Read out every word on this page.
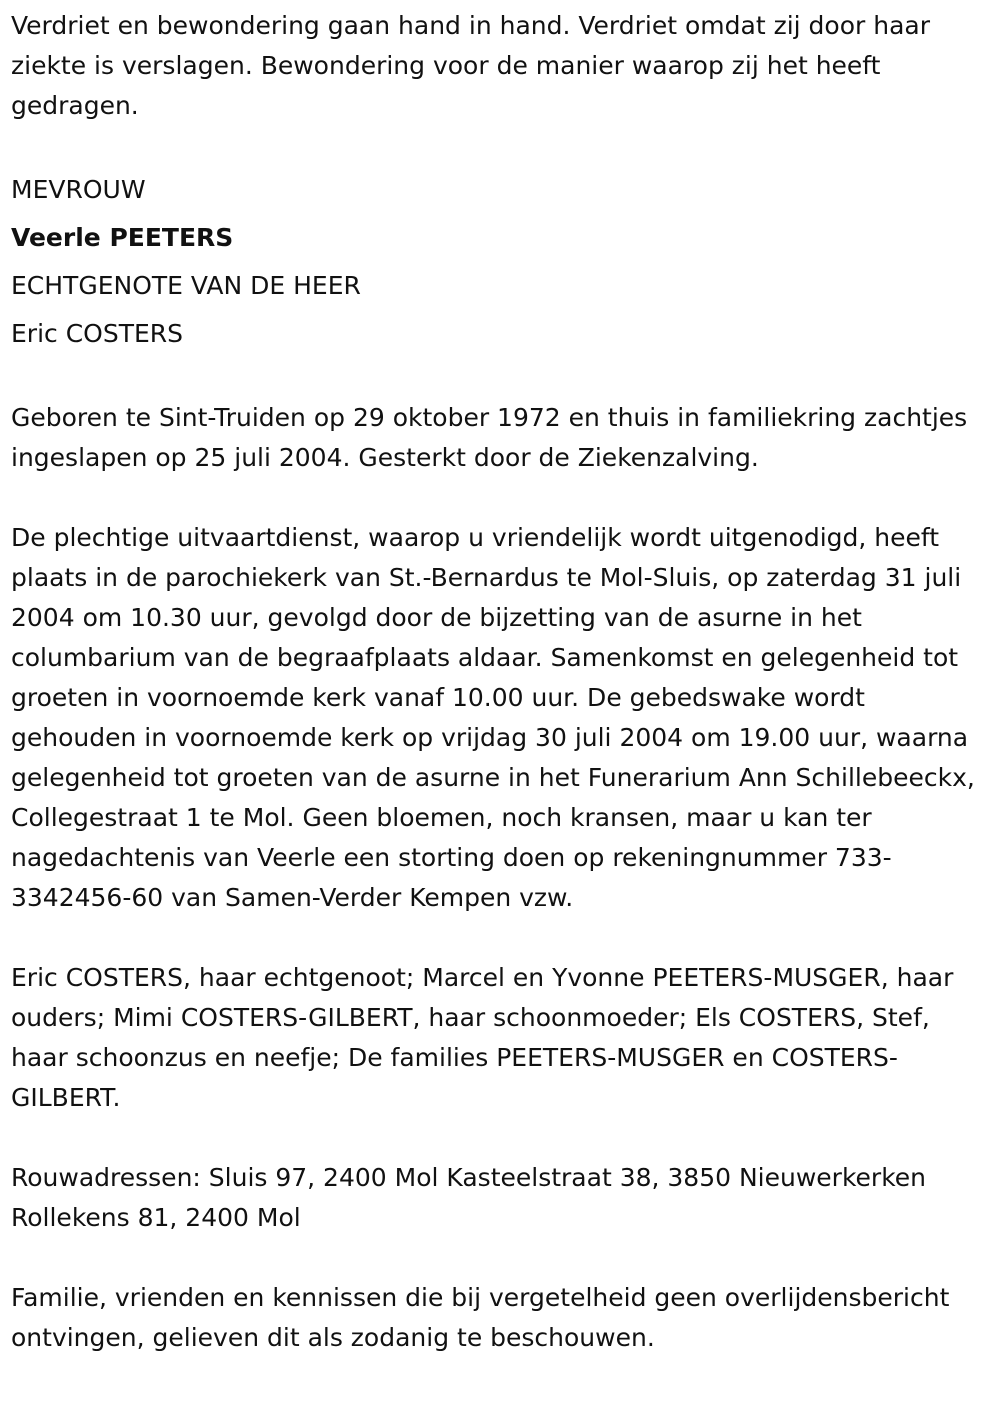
Verdriet en bewondering gaan hand in hand. Verdriet omdat zij door haar ziekte is verslagen. Bewondering voor de manier waarop zij het heeft gedragen.

MEVROUW

Veerle PEETERS

ECHTGENOTE VAN DE HEER

Eric COSTERS

Geboren te Sint-Truiden op 29 oktober 1972 en thuis in familiekring zachtjes ingeslapen op 25 juli 2004. Gesterkt door de Ziekenzalving.

De plechtige uitvaartdienst, waarop u vriendelijk wordt uitgenodigd, heeft plaats in de parochiekerk van St.-Bernardus te Mol-Sluis, op zaterdag 31 juli 2004 om 10.30 uur, gevolgd door de bijzetting van de asurne in het columbarium van de begraafplaats aldaar. Samenkomst en gelegenheid tot groeten in voornoemde kerk vanaf 10.00 uur. De gebedswake wordt gehouden in voornoemde kerk op vrijdag 30 juli 2004 om 19.00 uur, waarna gelegenheid tot groeten van de asurne in het Funerarium Ann Schillebeeckx, Collegestraat 1 te Mol. Geen bloemen, noch kransen, maar u kan ter nagedachtenis van Veerle een storting doen op rekeningnummer 733-3342456-60 van Samen-Verder Kempen vzw.

Eric COSTERS, haar echtgenoot; Marcel en Yvonne PEETERS-MUSGER, haar ouders; Mimi COSTERS-GILBERT, haar schoonmoeder; Els COSTERS, Stef, haar schoonzus en neefje; De families PEETERS-MUSGER en COSTERS-GILBERT.

Rouwadressen: Sluis 97, 2400 Mol Kasteelstraat 38, 3850 Nieuwerkerken Rollekens 81, 2400 Mol

Familie, vrienden en kennissen die bij vergetelheid geen overlijdensbericht ontvingen, gelieven dit als zodanig te beschouwen.
